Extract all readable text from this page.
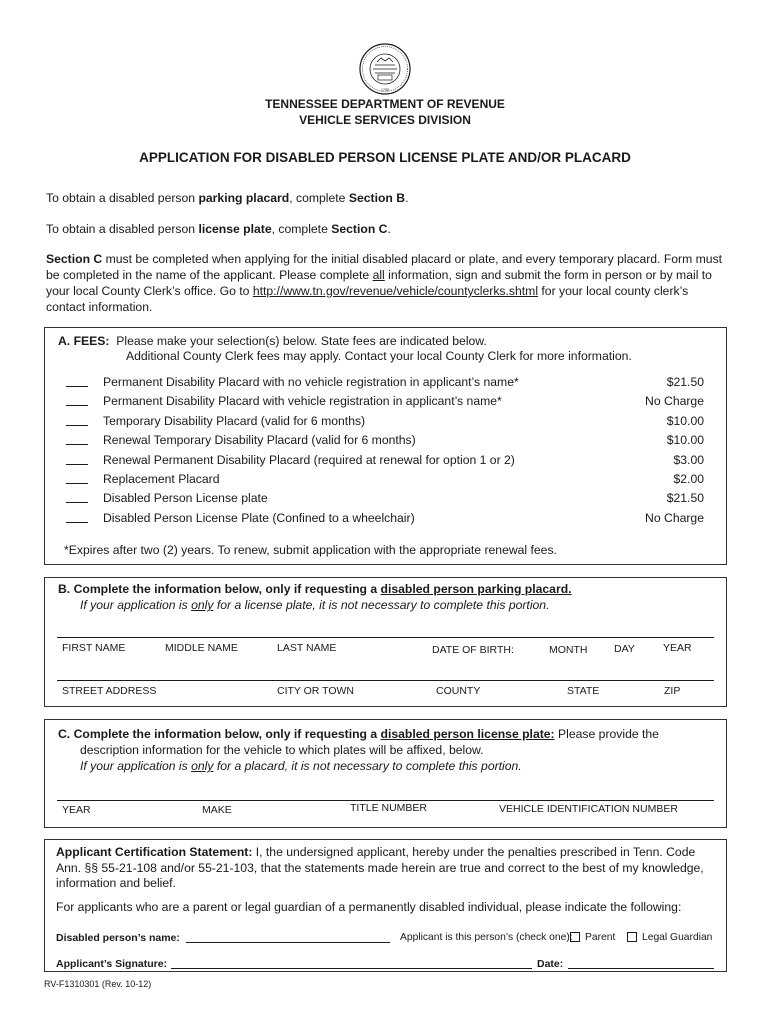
1796
TENNESSEE DEPARTMENT OF REVENUE
VEHICLE SERVICES DIVISION
APPLICATION FOR DISABLED PERSON LICENSE PLATE AND/OR PLACARD
To obtain a disabled person parking placard, complete Section B.
To obtain a disabled person license plate, complete Section C.
Section C must be completed when applying for the initial disabled placard or plate, and every temporary placard. Form must be completed in the name of the applicant. Please complete all information, sign and submit the form in person or by mail to your local County Clerk’s office. Go to http://www.tn.gov/revenue/vehicle/countyclerks.shtml for your local county clerk’s contact information.
A. FEES: Please make your selection(s) below. State fees are indicated below.
Additional County Clerk fees may apply. Contact your local County Clerk for more information.
Permanent Disability Placard with no vehicle registration in applicant’s name*	$21.50
Permanent Disability Placard with vehicle registration in applicant’s name*	No Charge
Temporary Disability Placard (valid for 6 months)	$10.00
Renewal Temporary Disability Placard (valid for 6 months)	$10.00
Renewal Permanent Disability Placard (required at renewal for option 1 or 2)	$3.00
Replacement Placard	$2.00
Disabled Person License plate	$21.50
Disabled Person License Plate (Confined to a wheelchair)	No Charge
*Expires after two (2) years. To renew, submit application with the appropriate renewal fees.
B. Complete the information below, only if requesting a disabled person parking placard.
If your application is only for a license plate, it is not necessary to complete this portion.
FIRST NAME	MIDDLE NAME	LAST NAME	DATE OF BIRTH:	MONTH	DAY	YEAR
STREET ADDRESS	CITY OR TOWN	COUNTY	STATE	ZIP
C. Complete the information below, only if requesting a disabled person license plate: Please provide the
description information for the vehicle to which plates will be affixed, below.
If your application is only for a placard, it is not necessary to complete this portion.
YEAR	MAKE	TITLE NUMBER	VEHICLE IDENTIFICATION NUMBER
Applicant Certification Statement: I, the undersigned applicant, hereby under the penalties prescribed in Tenn. Code Ann. §§ 55-21-108 and/or 55-21-103, that the statements made herein are true and correct to the best of my knowledge, information and belief.
For applicants who are a parent or legal guardian of a permanently disabled individual, please indicate the following:
Disabled person’s name:	Applicant is this person’s (check one): Parent	Legal Guardian
Applicant’s Signature:	Date:
RV-F1310301 (Rev. 10-12)
